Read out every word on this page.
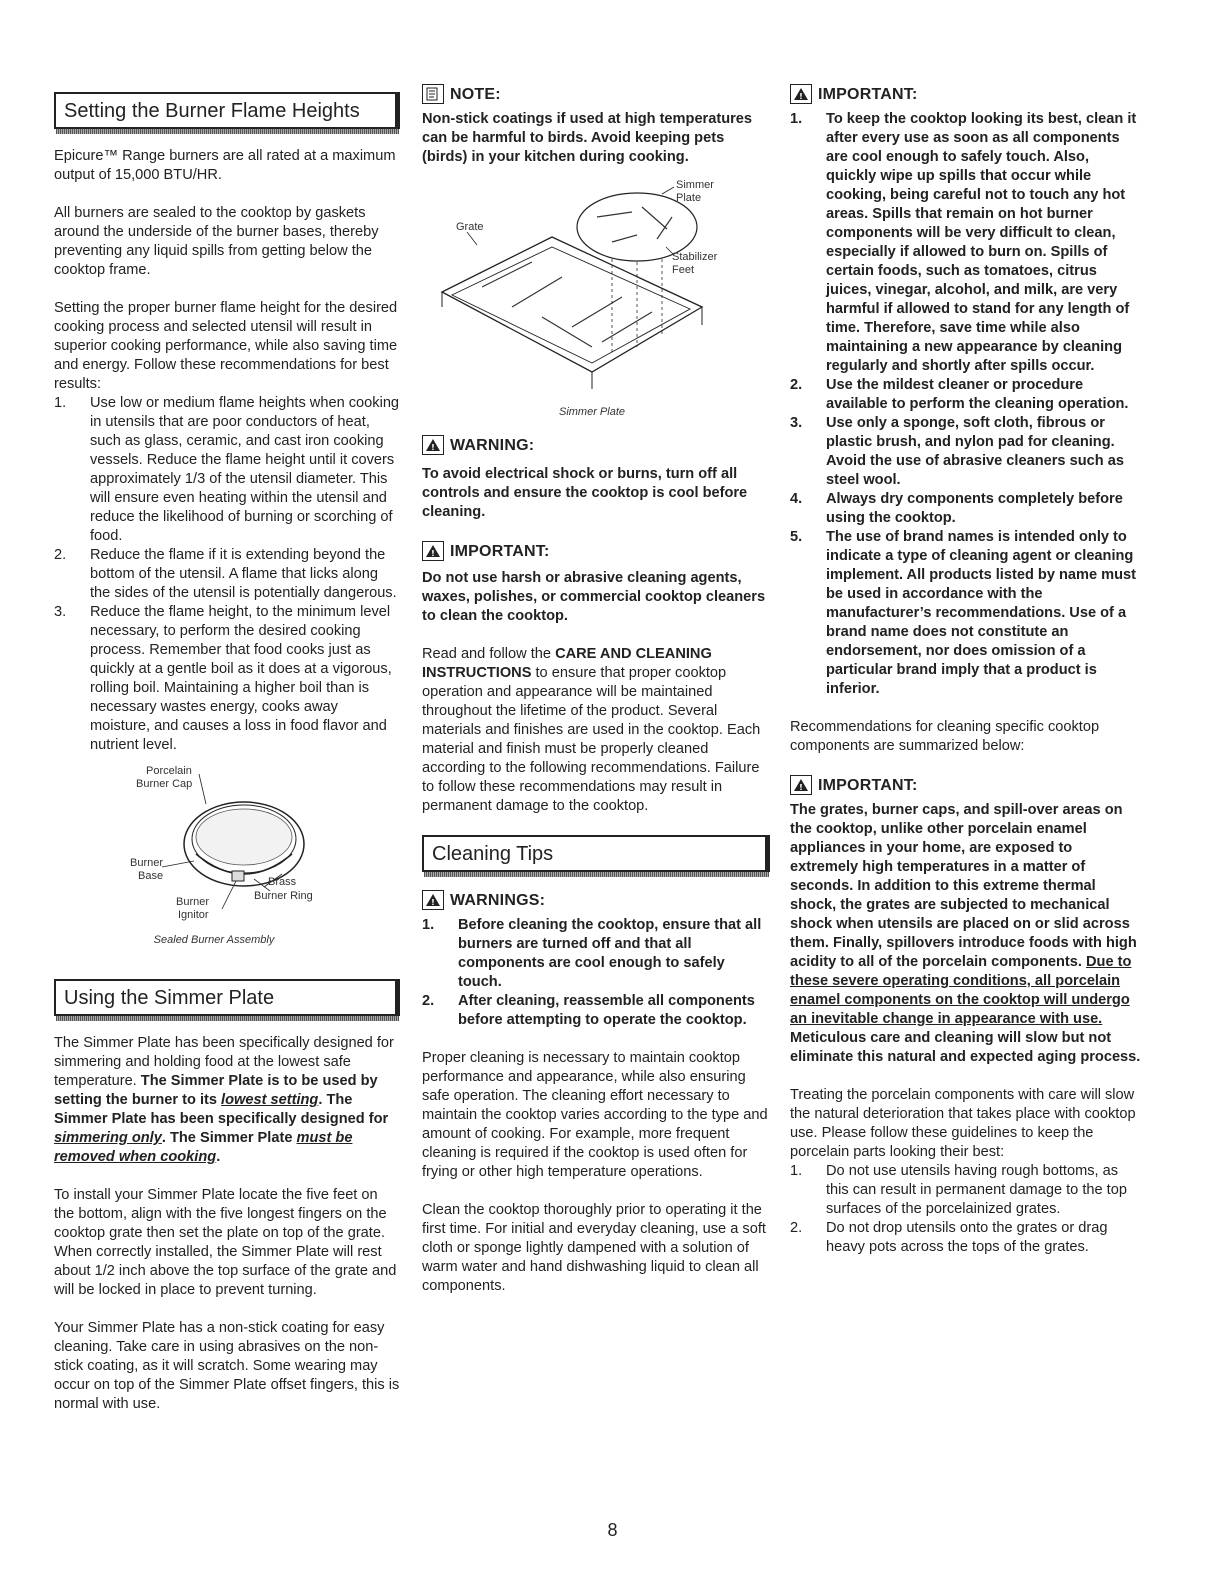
Setting the Burner Flame Heights

Epicure™ Range burners are all rated at a maximum output of 15,000 BTU/HR.

All burners are sealed to the cooktop by gaskets around the underside of the burner bases, thereby preventing any liquid spills from getting below the cooktop frame.

Setting the proper burner flame height for the desired cooking process and selected utensil will result in superior cooking performance, while also saving time and energy. Follow these recommendations for best results:

1.	Use low or medium flame heights when cooking in utensils that are poor conductors of heat, such as glass, ceramic, and cast iron cooking vessels. Reduce the flame height until it covers approximately 1/3 of the utensil diameter. This will ensure even heating within the utensil and reduce the likelihood of burning or scorching of food.
2.	Reduce the flame if it is extending beyond the bottom of the utensil. A flame that licks along the sides of the utensil is potentially dangerous.
3.	Reduce the flame height, to the minimum level necessary, to perform the desired cooking process. Remember that food cooks just as quickly at a gentle boil as it does at a vigorous, rolling boil. Maintaining a higher boil than is necessary wastes energy, cooks away moisture, and causes a loss in food flavor and nutrient level.
Porcelain
Burner Cap
Burner
Base	Brass
Burner Ring
Burner
Ignitor
Sealed Burner Assembly
Using the Simmer Plate

The Simmer Plate has been specifically designed for simmering and holding food at the lowest safe temperature. The Simmer Plate is to be used by setting the burner to its lowest setting. The Simmer Plate has been specifically designed for simmering only. The Simmer Plate must be removed when cooking.

To install your Simmer Plate locate the five feet on the bottom, align with the five longest fingers on the cooktop grate then set the plate on top of the grate. When correctly installed, the Simmer Plate will rest about 1/2 inch above the top surface of the grate and will be locked in place to prevent turning.

Your Simmer Plate has a non-stick coating for easy cleaning. Take care in using abrasives on the non-stick coating, as it will scratch. Some wearing may occur on top of the Simmer Plate offset fingers, this is normal with use.

NOTE:
Non-stick coatings if used at high temperatures can be harmful to birds. Avoid keeping pets (birds) in your kitchen during cooking.
Simmer
Plate
Grate
Stabilizer
Feet
Simmer Plate
! WARNING:

To avoid electrical shock or burns, turn off all controls and ensure the cooktop is cool before cleaning.

! IMPORTANT:

Do not use harsh or abrasive cleaning agents, waxes, polishes, or commercial cooktop cleaners to clean the cooktop.

Read and follow the CARE AND CLEANING INSTRUCTIONS to ensure that proper cooktop operation and appearance will be maintained throughout the lifetime of the product. Several materials and finishes are used in the cooktop. Each material and finish must be properly cleaned according to the following recommendations. Failure to follow these recommendations may result in permanent damage to the cooktop.

Cleaning Tips
! WARNINGS:
1.	Before cleaning the cooktop, ensure that all burners are turned off and that all components are cool enough to safely touch.
2.	After cleaning, reassemble all components before attempting to operate the cooktop.

Proper cleaning is necessary to maintain cooktop performance and appearance, while also ensuring safe operation. The cleaning effort necessary to maintain the cooktop varies according to the type and amount of cooking. For example, more frequent cleaning is required if the cooktop is used often for frying or other high temperature operations.

Clean the cooktop thoroughly prior to operating it the first time. For initial and everyday cleaning, use a soft cloth or sponge lightly dampened with a solution of warm water and hand dishwashing liquid to clean all components.

! IMPORTANT:
1.	To keep the cooktop looking its best, clean it after every use as soon as all components are cool enough to safely touch. Also, quickly wipe up spills that occur while cooking, being careful not to touch any hot areas. Spills that remain on hot burner components will be very difficult to clean, especially if allowed to burn on. Spills of certain foods, such as tomatoes, citrus juices, vinegar, alcohol, and milk, are very harmful if allowed to stand for any length of time. Therefore, save time while also maintaining a new appearance by cleaning regularly and shortly after spills occur.
2.	Use the mildest cleaner or procedure available to perform the cleaning operation.
3.	Use only a sponge, soft cloth, fibrous or plastic brush, and nylon pad for cleaning. Avoid the use of abrasive cleaners such as steel wool.
4.	Always dry components completely before using the cooktop.
5.	The use of brand names is intended only to indicate a type of cleaning agent or cleaning implement. All products listed by name must be used in accordance with the manufacturer’s recommendations. Use of a brand name does not constitute an endorsement, nor does omission of a particular brand imply that a product is inferior.

Recommendations for cleaning specific cooktop components are summarized below:

! IMPORTANT:

The grates, burner caps, and spill-over areas on the cooktop, unlike other porcelain enamel appliances in your home, are exposed to extremely high temperatures in a matter of seconds. In addition to this extreme thermal shock, the grates are subjected to mechanical shock when utensils are placed on or slid across them. Finally, spillovers introduce foods with high acidity to all of the porcelain components. Due to these severe operating conditions, all porcelain enamel components on the cooktop will undergo an inevitable change in appearance with use. Meticulous care and cleaning will slow but not eliminate this natural and expected aging process.

Treating the porcelain components with care will slow the natural deterioration that takes place with cooktop use. Please follow these guidelines to keep the porcelain parts looking their best:

1.	Do not use utensils having rough bottoms, as this can result in permanent damage to the top surfaces of the porcelainized grates.
2.	Do not drop utensils onto the grates or drag heavy pots across the tops of the grates.
8
